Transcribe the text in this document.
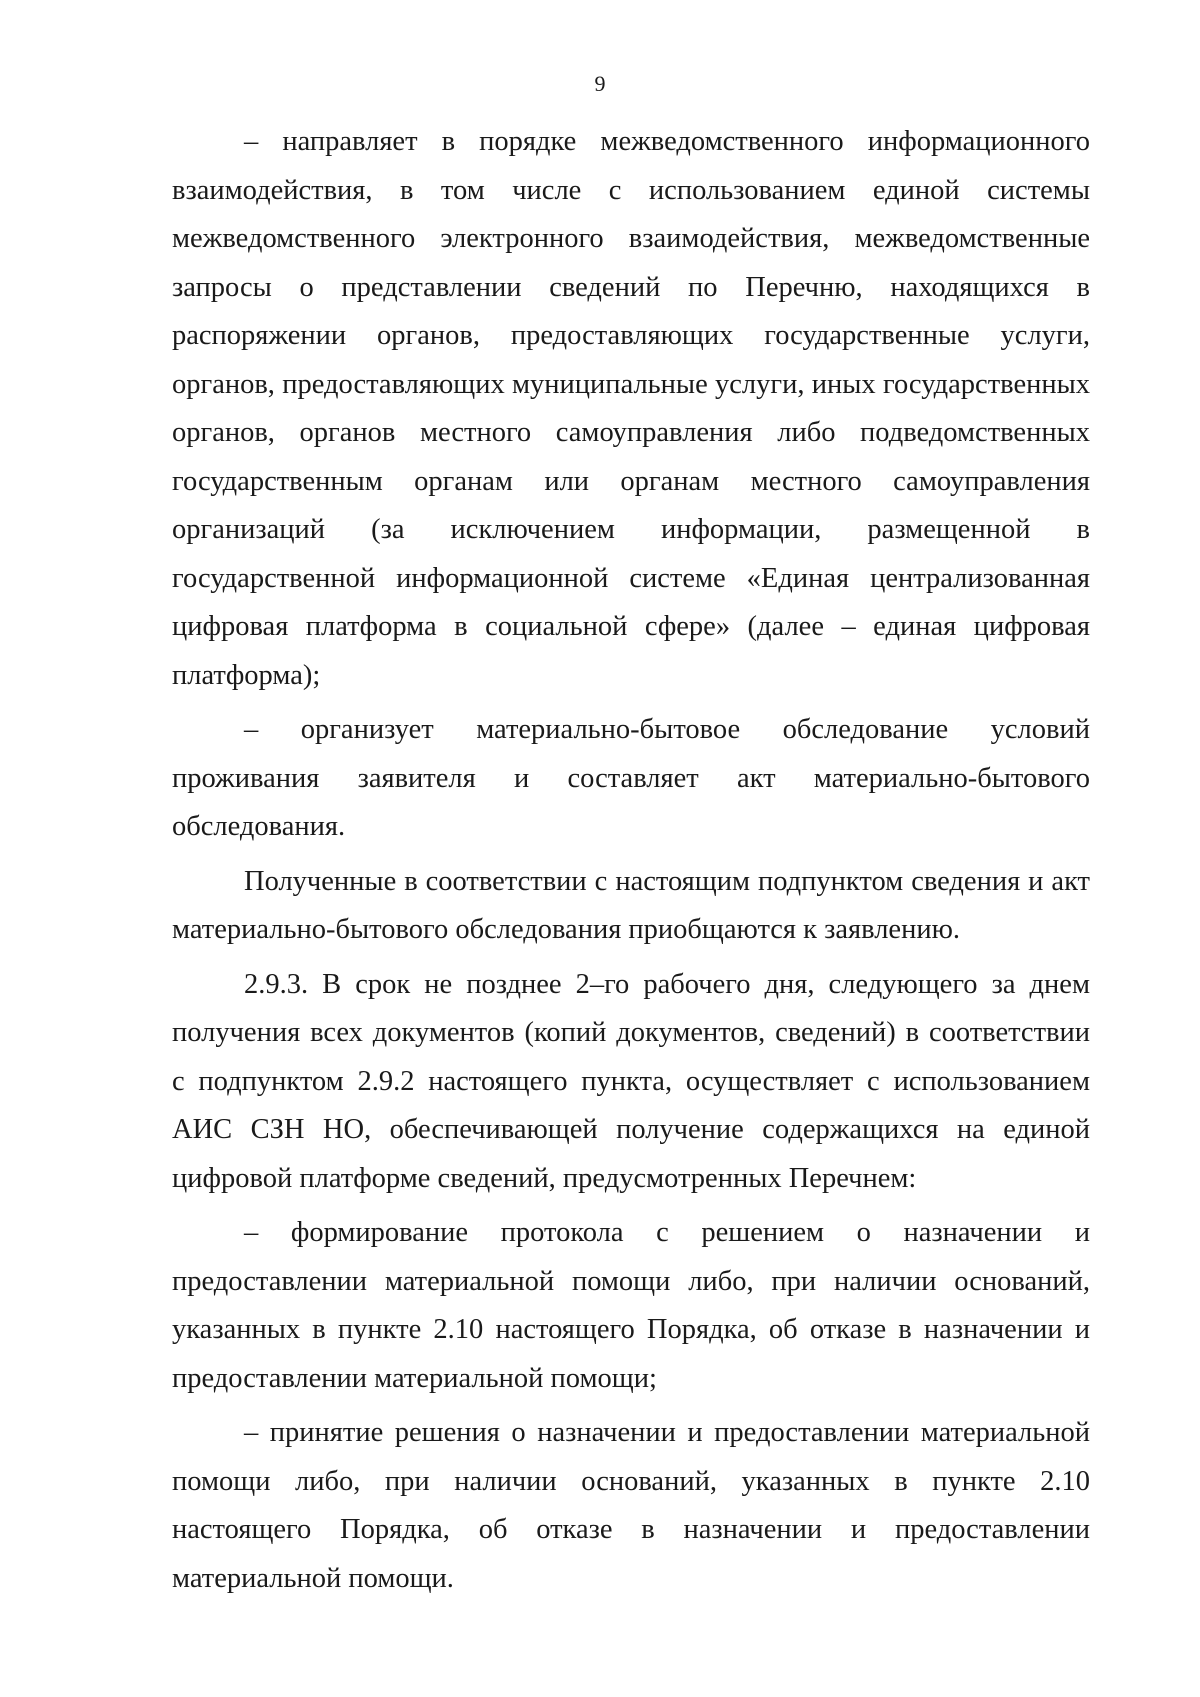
9

– направляет в порядке межведомственного информационного взаимодействия, в том числе с использованием единой системы межведомственного электронного взаимодействия, межведомственные запросы о представлении сведений по Перечню, находящихся в распоряжении органов, предоставляющих государственные услуги, органов, предоставляющих муниципальные услуги, иных государственных органов, органов местного самоуправления либо подведомственных государственным органам или органам местного самоуправления организаций (за исключением информации, размещенной в государственной информационной системе «Единая централизованная цифровая платформа в социальной сфере» (далее – единая цифровая платформа);

– организует материально-бытовое обследование условий проживания заявителя и составляет акт материально-бытового обследования.

Полученные в соответствии с настоящим подпунктом сведения и акт материально-бытового обследования приобщаются к заявлению.

2.9.3. В срок не позднее 2–го рабочего дня, следующего за днем получения всех документов (копий документов, сведений) в соответствии с подпунктом 2.9.2 настоящего пункта, осуществляет с использованием АИС СЗН НО, обеспечивающей получение содержащихся на единой цифровой платформе сведений, предусмотренных Перечнем:

– формирование протокола с решением о назначении и предоставлении материальной помощи либо, при наличии оснований, указанных в пункте 2.10 настоящего Порядка, об отказе в назначении и предоставлении материальной помощи;

– принятие решения о назначении и предоставлении материальной помощи либо, при наличии оснований, указанных в пункте 2.10 настоящего Порядка, об отказе в назначении и предоставлении материальной помощи.
